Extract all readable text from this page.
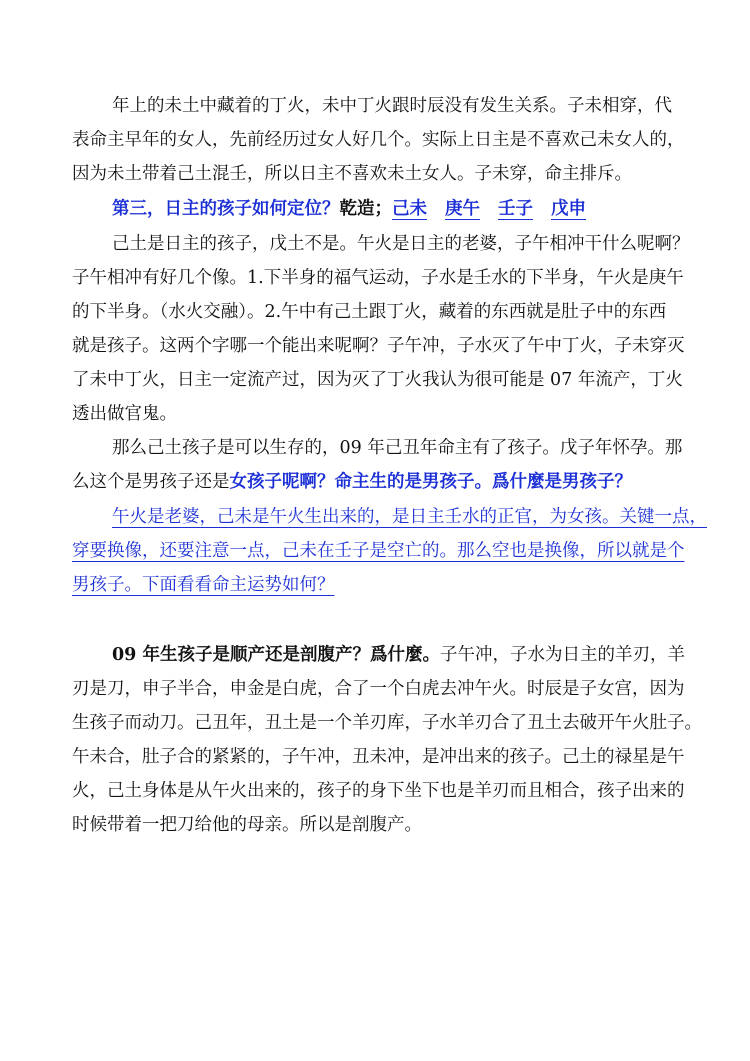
年上的未土中藏着的丁火，未中丁火跟时辰没有发生关系。子未相穿，代
表命主早年的女人，先前经历过女人好几个。实际上日主是不喜欢己未女人的，
因为未土带着己土混壬，所以日主不喜欢未土女人。子未穿，命主排斥。
第三，日主的孩子如何定位？乾造；己未 庚午 壬子 戊申
己土是日主的孩子，戊土不是。午火是日主的老婆，子午相冲干什么呢啊？
子午相冲有好几个像。1.下半身的福气运动，子水是壬水的下半身，午火是庚午
的下半身。（水火交融）。2.午中有己土跟丁火，藏着的东西就是肚子中的东西
就是孩子。这两个字哪一个能出来呢啊？子午冲，子水灭了午中丁火，子未穿灭
了未中丁火，日主一定流产过，因为灭了丁火我认为很可能是 07 年流产，丁火
透出做官鬼。
那么己土孩子是可以生存的，09 年己丑年命主有了孩子。戊子年怀孕。那
么这个是男孩子还是女孩子呢啊？命主生的是男孩子。爲什麼是男孩子？
午火是老婆，己未是午火生出来的，是日主壬水的正官，为女孩。关键一点，
穿要换像，还要注意一点，己未在壬子是空亡的。那么空也是换像，所以就是个
男孩子。下面看看命主运势如何？
09 年生孩子是顺产还是剖腹产？爲什麼。子午冲，子水为日主的羊刃，羊
刃是刀，申子半合，申金是白虎，合了一个白虎去冲午火。时辰是子女宫，因为
生孩子而动刀。己丑年，丑土是一个羊刃库，子水羊刃合了丑土去破开午火肚子。
午未合，肚子合的紧紧的，子午冲，丑未冲，是冲出来的孩子。己土的禄星是午
火，己土身体是从午火出来的，孩子的身下坐下也是羊刃而且相合，孩子出来的
时候带着一把刀给他的母亲。所以是剖腹产。
